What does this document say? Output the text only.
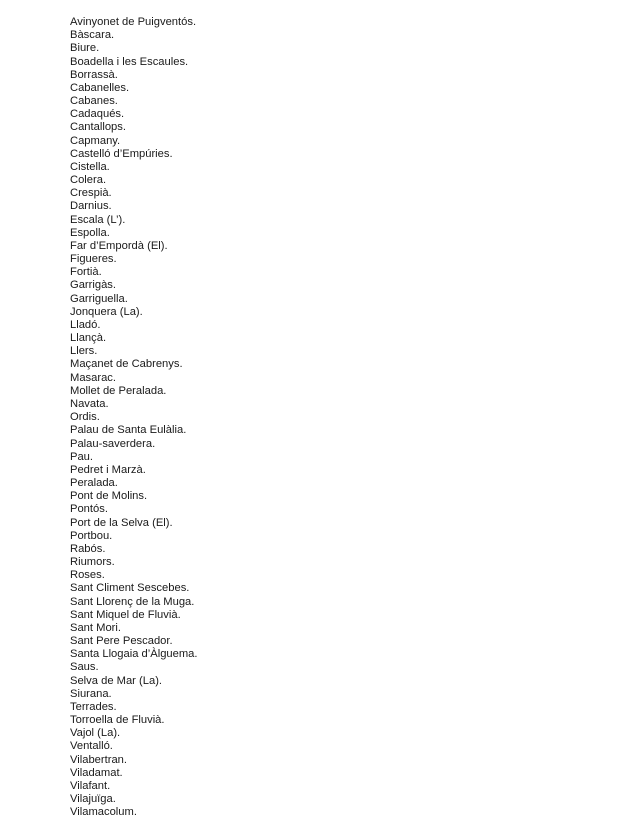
Avinyonet de Puigventós.
Bàscara.
Biure.
Boadella i les Escaules.
Borrassà.
Cabanelles.
Cabanes.
Cadaqués.
Cantallops.
Capmany.
Castelló d’Empúries.
Cistella.
Colera.
Crespià.
Darnius.
Escala (L’).
Espolla.
Far d’Empordà (El).
Figueres.
Fortià.
Garrigàs.
Garriguella.
Jonquera (La).
Lladó.
Llançà.
Llers.
Maçanet de Cabrenys.
Masarac.
Mollet de Peralada.
Navata.
Ordis.
Palau de Santa Eulàlia.
Palau-saverdera.
Pau.
Pedret i Marzà.
Peralada.
Pont de Molins.
Pontós.
Port de la Selva (El).
Portbou.
Rabós.
Riumors.
Roses.
Sant Climent Sescebes.
Sant Llorenç de la Muga.
Sant Miquel de Fluvià.
Sant Mori.
Sant Pere Pescador.
Santa Llogaia d’Àlguema.
Saus.
Selva de Mar (La).
Siurana.
Terrades.
Torroella de Fluvià.
Vajol (La).
Ventalló.
Vilabertran.
Viladamat.
Vilafant.
Vilajuïga.
Vilamacolum.
